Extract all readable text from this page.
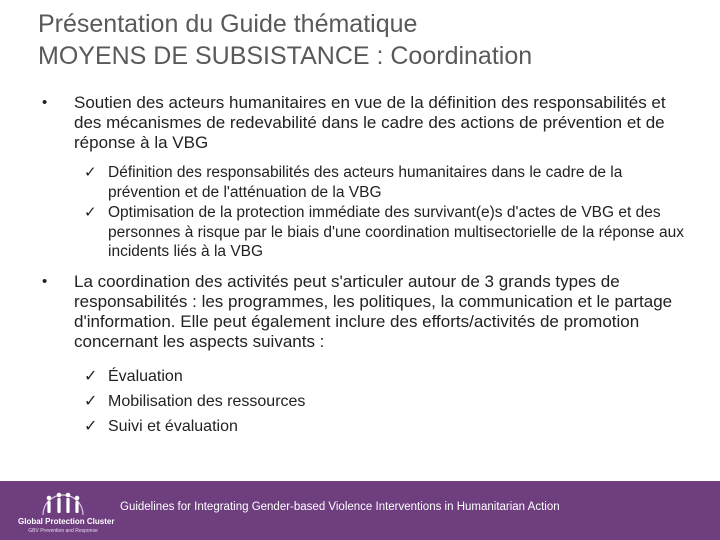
Présentation du Guide thématique
MOYENS DE SUBSISTANCE : Coordination
• Soutien des acteurs humanitaires en vue de la définition des responsabilités et des mécanismes de redevabilité dans le cadre des actions de prévention et de réponse à la VBG
✓ Définition des responsabilités des acteurs humanitaires dans le cadre de la prévention et de l'atténuation de la VBG
✓ Optimisation de la protection immédiate des survivant(e)s d'actes de VBG et des personnes à risque par le biais d'une coordination multisectorielle de la réponse aux incidents liés à la VBG
• La coordination des activités peut s'articuler autour de 3 grands types de responsabilités : les programmes, les politiques, la communication et le partage d'information. Elle peut également inclure des efforts/activités de promotion concernant les aspects suivants :
✓ Évaluation
✓ Mobilisation des ressources
✓ Suivi et évaluation
Global Protection Cluster
GBV Prevention and Response
Guidelines for Integrating Gender-based Violence Interventions in Humanitarian Action
